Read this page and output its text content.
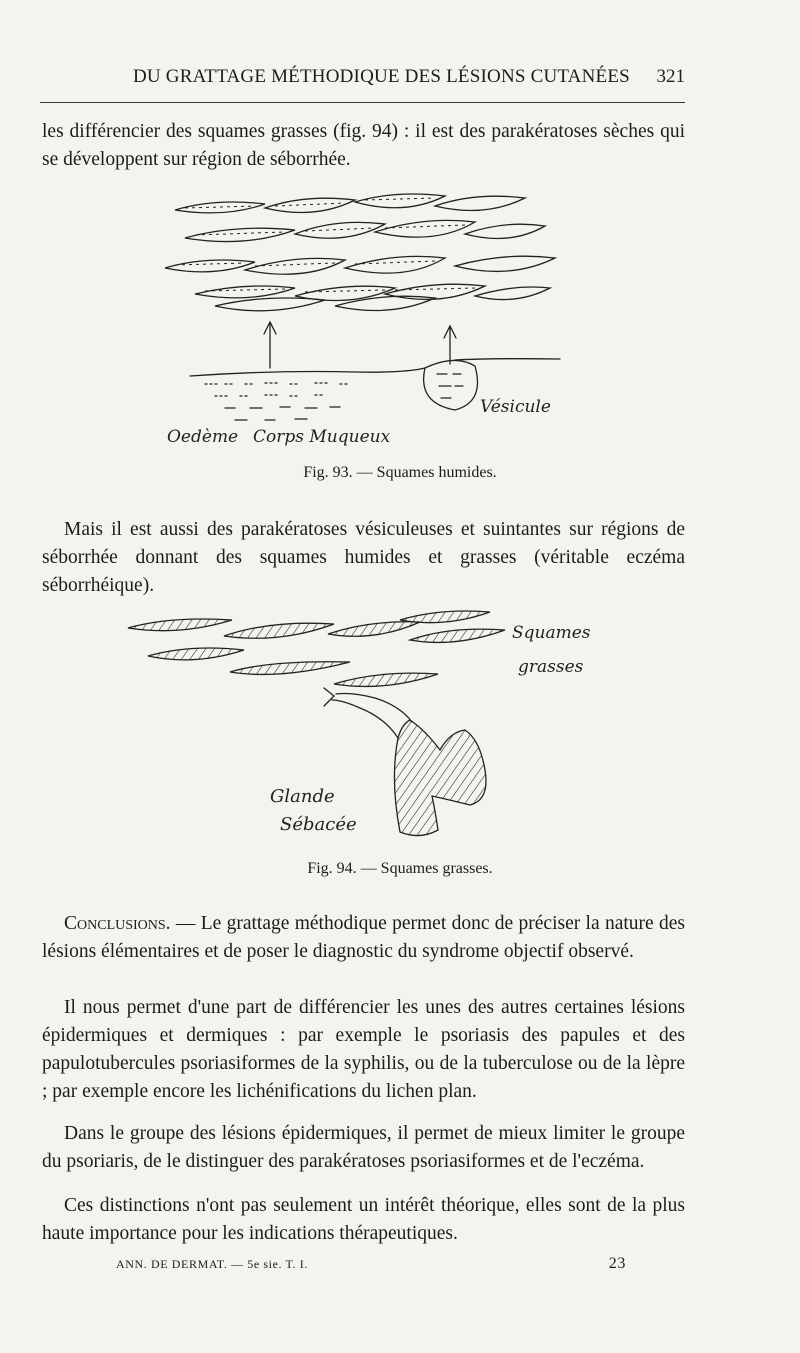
DU GRATTAGE MÉTHODIQUE DES LÉSIONS CUTANÉES 321

les différencier des squames grasses (fig. 94) : il est des parakératoses sèches qui se développent sur région de séborrhée.

Oedème Corps Muqueux
Vésicule
Fig. 93. — Squames humides.

Mais il est aussi des parakératoses vésiculeuses et suintantes sur régions de séborrhée donnant des squames humides et grasses (véritable eczéma séborrhéique).

Squames
grasses
Glande
Sébacée
Fig. 94. — Squames grasses.

Conclusions. — Le grattage méthodique permet donc de préciser la nature des lésions élémentaires et de poser le diagnostic du syndrome objectif observé.

Il nous permet d'une part de différencier les unes des autres certaines lésions épidermiques et dermiques : par exemple le psoriasis des papules et des papulotubercules psoriasiformes de la syphilis, ou de la tuberculose ou de la lèpre ; par exemple encore les lichénifications du lichen plan.

Dans le groupe des lésions épidermiques, il permet de mieux limiter le groupe du psoriaris, de le distinguer des parakératoses psoriasiformes et de l'eczéma.

Ces distinctions n'ont pas seulement un intérêt théorique, elles sont de la plus haute importance pour les indications thérapeutiques.

ANN. DE DERMAT. — 5e sie. T. I.	23
